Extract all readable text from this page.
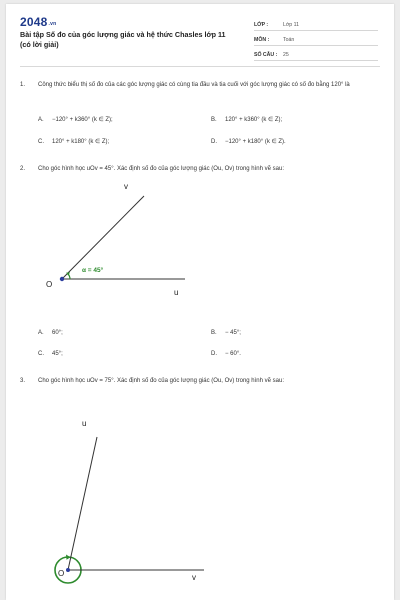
2048.vn
Bài tập Số đo của góc lượng giác và hệ thức Chasles lớp 11 (có lời giải)
LỚP :	Lớp 11
MÔN :	Toán
SỐ CÂU :	25
1. Công thức biểu thị số đo của các góc lượng giác có cùng tia đầu và tia cuối với góc lượng giác có số đo bằng 120° là
A. −120° + k360° (k ∈ Z);	B. 120° + k360° (k ∈ Z);
C. 120° + k180° (k ∈ Z);	D. −120° + k180° (k ∈ Z).
2. Cho góc hình học uOv = 45°. Xác định số đo của góc lượng giác (Ou, Ov) trong hình vẽ sau:
O
u
v
α = 45°
A. 60°;	B. − 45°;
C. 45°;	D. − 60°.
3. Cho góc hình học uOv = 75°. Xác định số đo của góc lượng giác (Ou, Ov) trong hình vẽ sau:
O
u
v
